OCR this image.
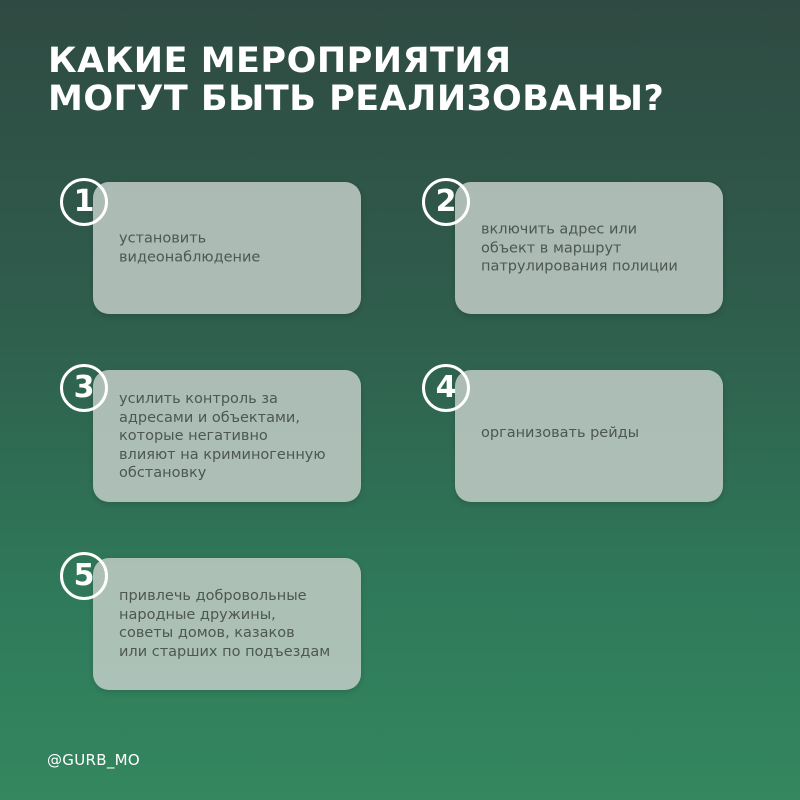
КАКИЕ МЕРОПРИЯТИЯ
МОГУТ БЫТЬ РЕАЛИЗОВАНЫ?
установить
видеонаблюдение
1
включить адрес или
объект в маршрут
патрулирования полиции
2
усилить контроль за
адресами и объектами,
которые негативно
влияют на криминогенную
обстановку
3
организовать рейды
4
привлечь добровольные
народные дружины,
советы домов, казаков
или старших по подъездам
5
@GURB_MO
